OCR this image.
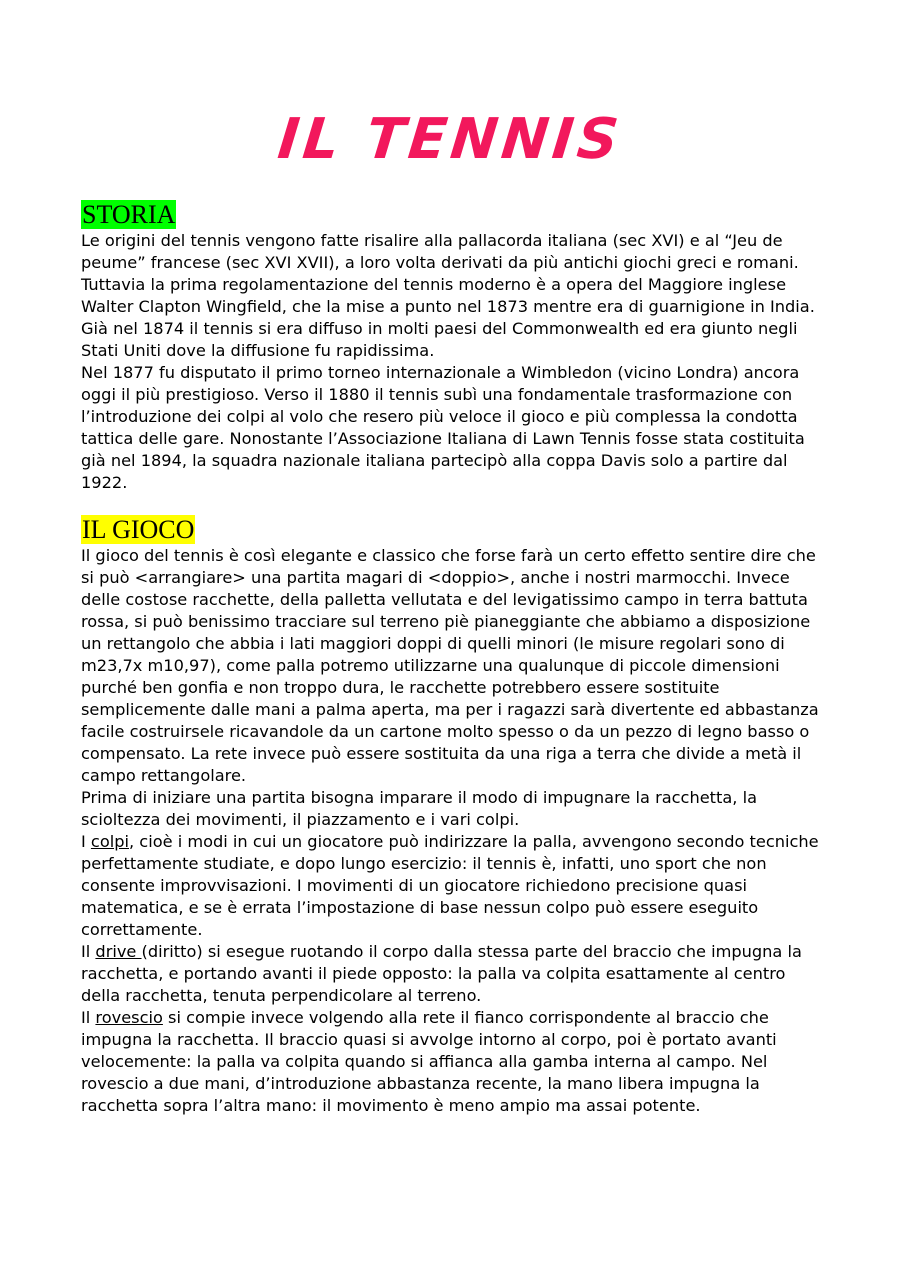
IL TENNIS
STORIA

Le origini del tennis vengono fatte risalire alla pallacorda italiana (sec XVI) e al “Jeu de peume” francese (sec XVI XVII), a loro volta derivati da più antichi giochi greci e romani. Tuttavia la prima regolamentazione del tennis moderno è a opera del Maggiore inglese Walter Clapton Wingfield, che la mise a punto nel 1873 mentre era di guarnigione in India. Già nel 1874 il tennis si era diffuso in molti paesi del Commonwealth ed era giunto negli Stati Uniti dove la diffusione fu rapidissima.

Nel 1877 fu disputato il primo torneo internazionale a Wimbledon (vicino Londra) ancora oggi il più prestigioso. Verso il 1880 il tennis subì una fondamentale trasformazione con l’introduzione dei colpi al volo che resero più veloce il gioco e più complessa la condotta tattica delle gare. Nonostante l’Associazione Italiana di Lawn Tennis fosse stata costituita già nel 1894, la squadra nazionale italiana partecipò alla coppa Davis solo a partire dal 1922.

IL GIOCO

Il gioco del tennis è così elegante e classico che forse farà un certo effetto sentire dire che si può <arrangiare> una partita magari di <doppio>, anche i nostri marmocchi. Invece delle costose racchette, della palletta vellutata e del levigatissimo campo in terra battuta rossa, si può benissimo tracciare sul terreno piè pianeggiante che abbiamo a disposizione un rettangolo che abbia i lati maggiori doppi di quelli minori (le misure regolari sono di m23,7x m10,97), come palla potremo utilizzarne una qualunque di piccole dimensioni purché ben gonfia e non troppo dura, le racchette potrebbero essere sostituite semplicemente dalle mani a palma aperta, ma per i ragazzi sarà divertente ed abbastanza facile costruirsele ricavandole da un cartone molto spesso o da un pezzo di legno basso o compensato. La rete invece può essere sostituita da una riga a terra che divide a metà il campo rettangolare.

Prima di iniziare una partita bisogna imparare il modo di impugnare la racchetta, la scioltezza dei movimenti, il piazzamento e i vari colpi.

I colpi, cioè i modi in cui un giocatore può indirizzare la palla, avvengono secondo tecniche perfettamente studiate, e dopo lungo esercizio: il tennis è, infatti, uno sport che non consente improvvisazioni. I movimenti di un giocatore richiedono precisione quasi matematica, e se è errata l’impostazione di base nessun colpo può essere eseguito correttamente.

Il drive (diritto) si esegue ruotando il corpo dalla stessa parte del braccio che impugna la racchetta, e portando avanti il piede opposto: la palla va colpita esattamente al centro della racchetta, tenuta perpendicolare al terreno.

Il rovescio si compie invece volgendo alla rete il fianco corrispondente al braccio che impugna la racchetta. Il braccio quasi si avvolge intorno al corpo, poi è portato avanti velocemente: la palla va colpita quando si affianca alla gamba interna al campo. Nel rovescio a due mani, d’introduzione abbastanza recente, la mano libera impugna la racchetta sopra l’altra mano: il movimento è meno ampio ma assai potente.
